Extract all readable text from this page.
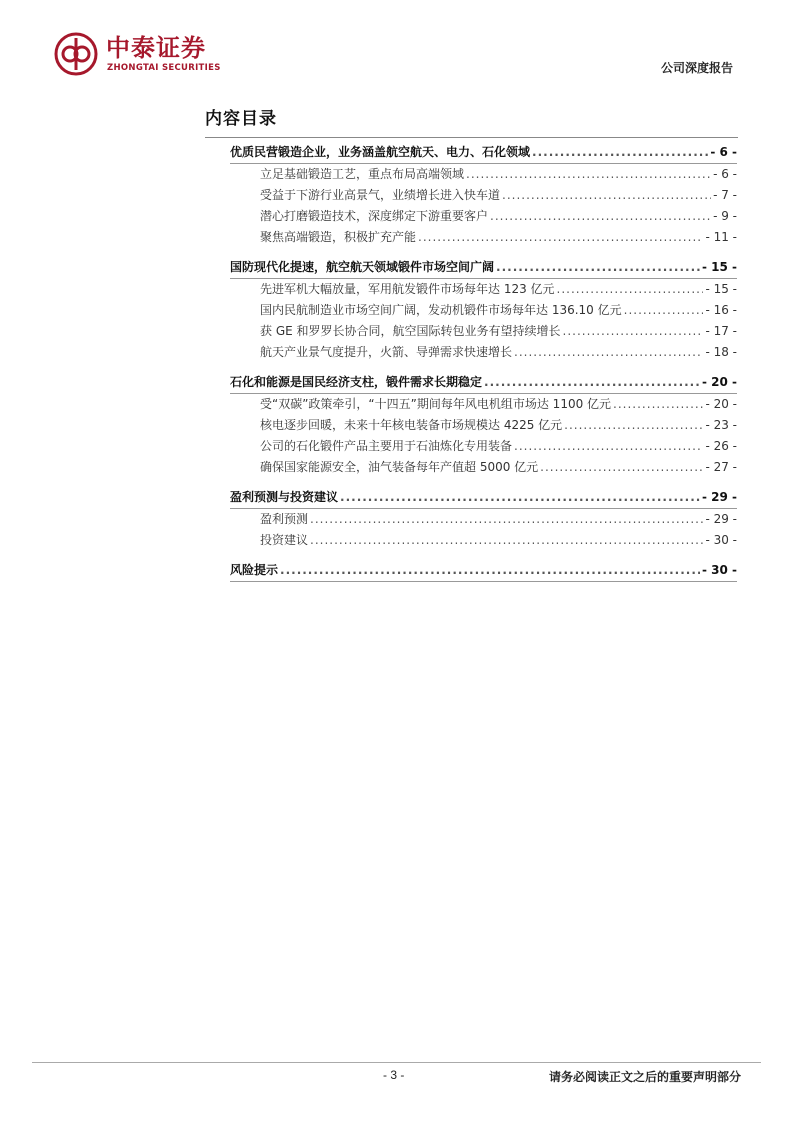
中泰证券
ZHONGTAI SECURITIES	公司深度报告
内容目录
优质民营锻造企业，业务涵盖航空航天、电力、石化领域 .....	- 6 -
立足基础锻造工艺，重点布局高端领域 .....	- 6 -
受益于下游行业高景气，业绩增长进入快车道 .....	- 7 -
潜心打磨锻造技术，深度绑定下游重要客户 .....	- 9 -
聚焦高端锻造，积极扩充产能 .....	- 11 -
国防现代化提速，航空航天领域锻件市场空间广阔 .....	- 15 -
先进军机大幅放量，军用航发锻件市场每年达 123 亿元 .....	- 15 -
国内民航制造业市场空间广阔，发动机锻件市场每年达 136.10 亿元 .....	- 16 -
获 GE 和罗罗长协合同，航空国际转包业务有望持续增长 .....	- 17 -
航天产业景气度提升，火箭、导弹需求快速增长 .....	- 18 -
石化和能源是国民经济支柱，锻件需求长期稳定 .....	- 20 -
受“双碳”政策牵引，“十四五”期间每年风电机组市场达 1100 亿元 .....	- 20 -
核电逐步回暖，未来十年核电装备市场规模达 4225 亿元 .....	- 23 -
公司的石化锻件产品主要用于石油炼化专用装备 .....	- 26 -
确保国家能源安全，油气装备每年产值超 5000 亿元 .....	- 27 -
盈利预测与投资建议 .....	- 29 -
盈利预测 .....	- 29 -
投资建议 .....	- 30 -
风险提示 .....	- 30 -
- 3 -	请务必阅读正文之后的重要声明部分
